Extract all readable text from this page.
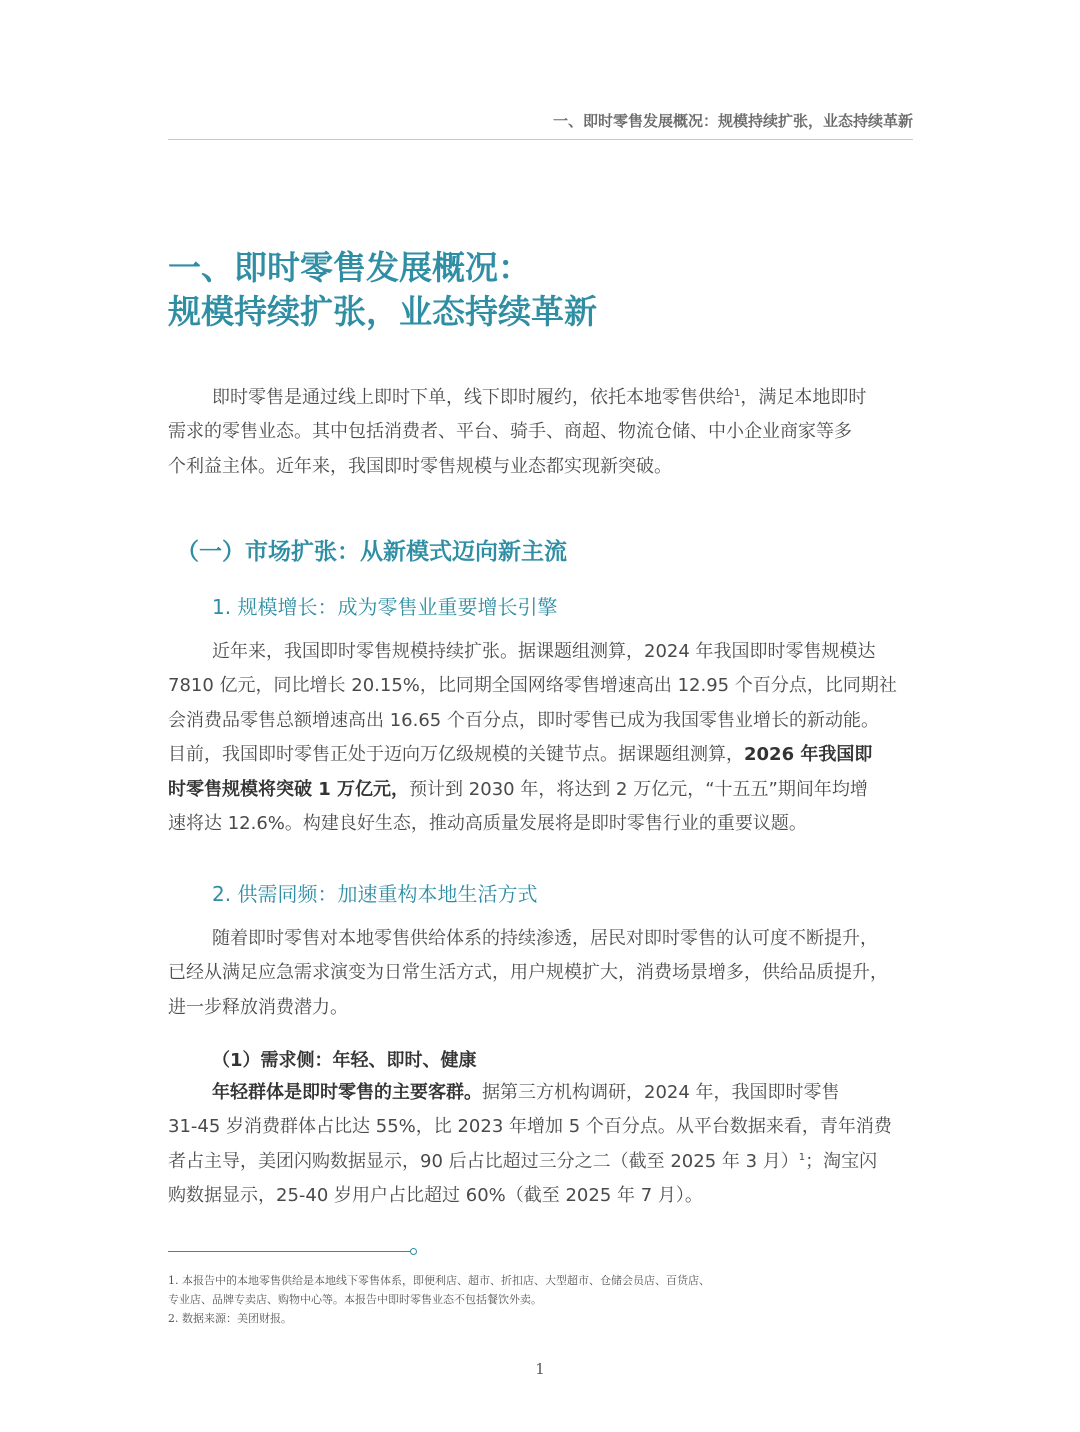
一、即时零售发展概况：规模持续扩张，业态持续革新
一、即时零售发展概况：
规模持续扩张，业态持续革新

即时零售是通过线上即时下单，线下即时履约，依托本地零售供给$^1$，满足本地即时
需求的零售业态。其中包括消费者、平台、骑手、商超、物流仓储、中小企业商家等多
个利益主体。近年来，我国即时零售规模与业态都实现新突破。

（一）市场扩张：从新模式迈向新主流
1. 规模增长：成为零售业重要增长引擎

近年来，我国即时零售规模持续扩张。据课题组测算，2024 年我国即时零售规模达
7810 亿元，同比增长 20.15%，比同期全国网络零售增速高出 12.95 个百分点，比同期社
会消费品零售总额增速高出 16.65 个百分点，即时零售已成为我国零售业增长的新动能。
目前，我国即时零售正处于迈向万亿级规模的关键节点。据课题组测算，2026 年我国即
时零售规模将突破 1 万亿元，预计到 2030 年，将达到 2 万亿元，“十五五”期间年均增
速将达 12.6%。构建良好生态，推动高质量发展将是即时零售行业的重要议题。

2. 供需同频：加速重构本地生活方式

随着即时零售对本地零售供给体系的持续渗透，居民对即时零售的认可度不断提升，
已经从满足应急需求演变为日常生活方式，用户规模扩大，消费场景增多，供给品质提升，
进一步释放消费潜力。

（1）需求侧：年轻、即时、健康

年轻群体是即时零售的主要客群。据第三方机构调研，2024 年，我国即时零售
31-45 岁消费群体占比达 55%，比 2023 年增加 5 个百分点。从平台数据来看，青年消费
者占主导，美团闪购数据显示，90 后占比超过三分之二（截至 2025 年 3 月）$^1$；淘宝闪
购数据显示，25-40 岁用户占比超过 60%（截至 2025 年 7 月）。

1. 本报告中的本地零售供给是本地线下零售体系，即便利店、超市、折扣店、大型超市、仓储会员店、百货店、
专业店、品牌专卖店、购物中心等。本报告中即时零售业态不包括餐饮外卖。
2. 数据来源：美团财报。
1
